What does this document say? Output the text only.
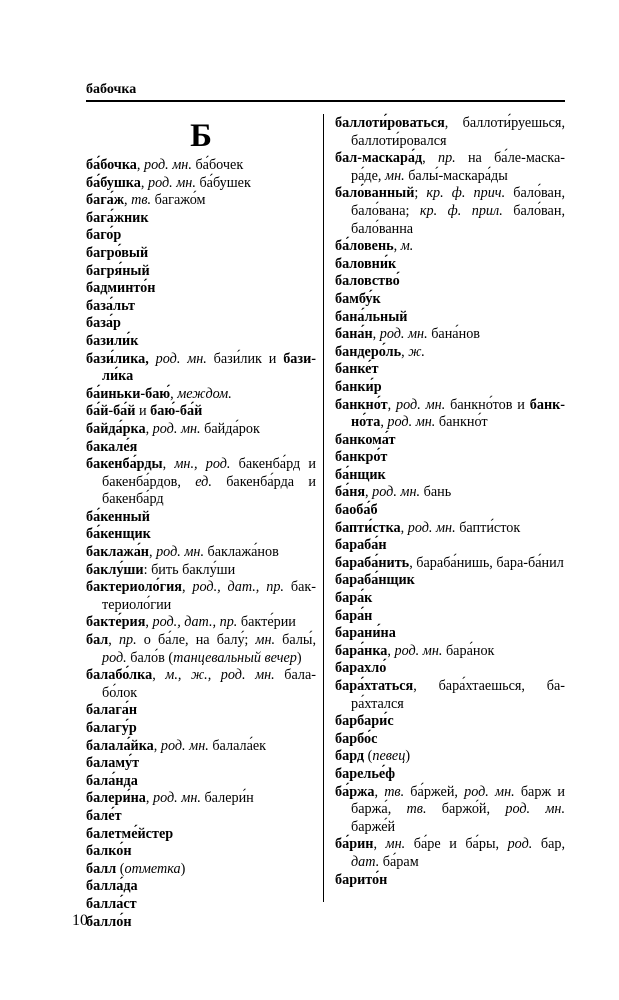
бабочка
Б
ба́бочка, род. мн. ба́бочек
ба́бушка, род. мн. ба́бушек
бага́ж, тв. багажо́м
бага́жник
баго́р
багро́вый
багря́ный
бадминто́н
база́льт
база́р
базили́к
бази́лика, род. мн. бази́лик и бази-ли́ка
ба́иньки-баю́, междом.
ба́й-ба́й и баю́-ба́й
байда́рка, род. мн. байда́рок
бакале́я
бакенба́рды, мн., род. бакенба́рд и бакенба́рдов, ед. бакенба́рда и бакенба́рд
ба́кенный
ба́кенщик
баклажа́н, род. мн. баклажа́нов
баклу́ши: бить баклу́ши
бактериоло́гия, род., дат., пр. бак-териоло́гии
бакте́рия, род., дат., пр. бакте́рии
бал, пр. о ба́ле, на балу́; мн. балы́, род. бало́в (танцевальный вечер)
балабо́лка, м., ж., род. мн. бала-бо́лок
балага́н
балагу́р
балала́йка, род. мн. балала́ек
баламу́т
бала́нда
балери́на, род. мн. балери́н
бале́т
балетме́йстер
балко́н
балл (отметка)
балла́да
балла́ст
балло́н
баллоти́роваться, баллоти́руешься, баллоти́ровался
бал-маскара́д, пр. на ба́ле-маска-ра́де, мн. балы́-маскара́ды
бало́ванный; кр. ф. прич. бало́ван, бало́вана; кр. ф. прил. бало́ван, бало́ванна
ба́ловень, м.
баловни́к
баловство́
бамбу́к
бана́льный
бана́н, род. мн. бана́нов
бандеро́ль, ж.
банке́т
банки́р
банкно́т, род. мн. банкно́тов и банк-но́та, род. мн. банкно́т
банкома́т
банкро́т
ба́нщик
ба́ня, род. мн. бань
баоба́б
бапти́стка, род. мн. бапти́сток
бараба́н
бараба́нить, бараба́нишь, бара-ба́нил
бараба́нщик
бара́к
бара́н
барани́на
бара́нка, род. мн. бара́нок
барахло́
бара́хтаться, бара́хтаешься, ба-ра́хтался
барбари́с
барбо́с
бард (певец)
барелье́ф
ба́ржа, тв. ба́ржей, род. мн. барж и баржа́, тв. баржо́й, род. мн. барже́й
ба́рин, мн. ба́ре и ба́ры, род. бар, дат. ба́рам
барито́н
10
